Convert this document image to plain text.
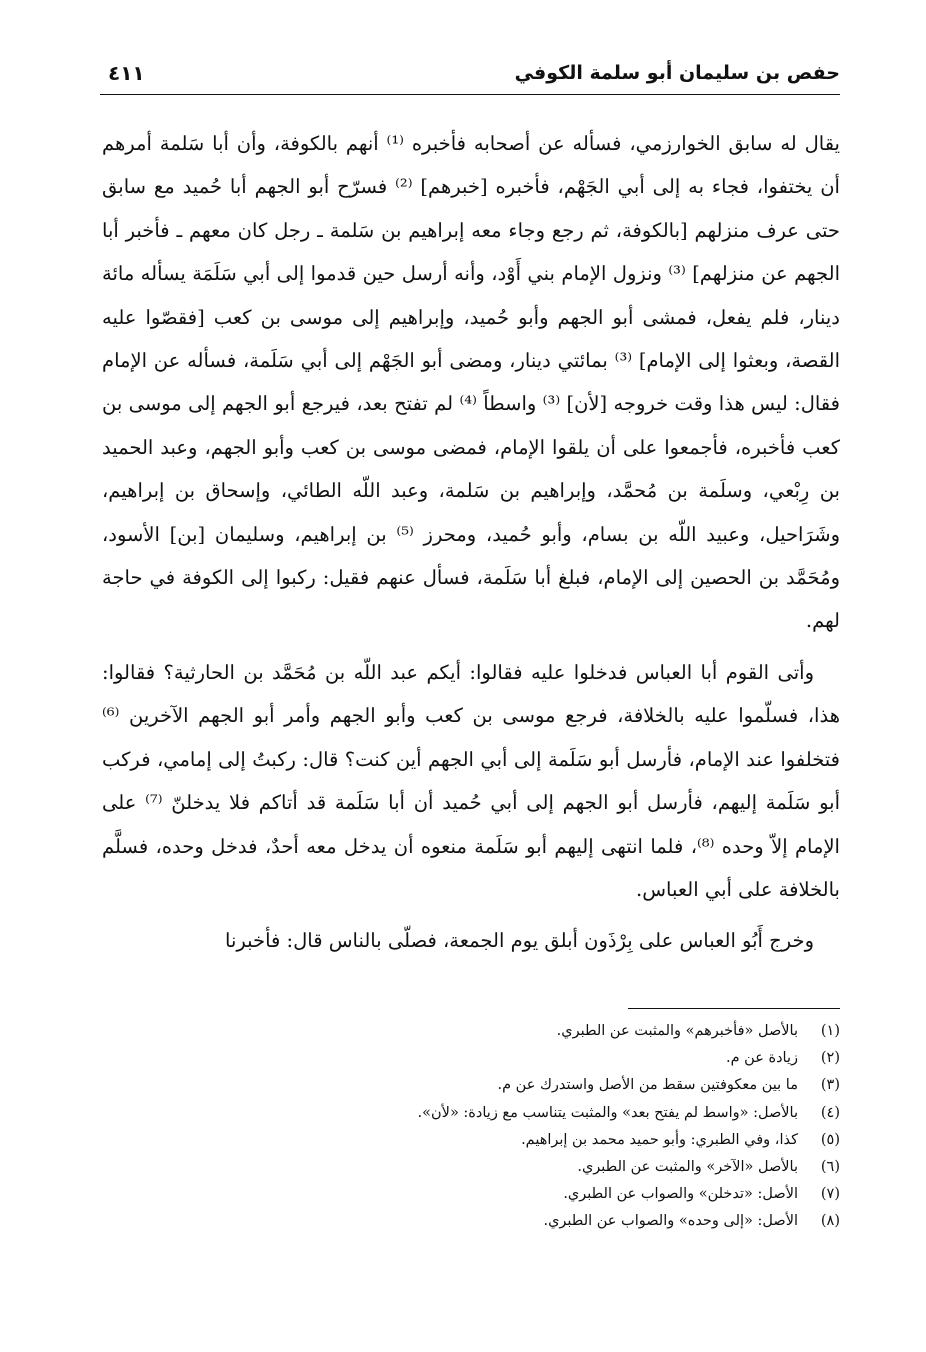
حفص بن سليمان أبو سلمة الكوفي
٤١١

يقال له سابق الخوارزمي، فسأله عن أصحابه فأخبره ⁽¹⁾ أنهم بالكوفة، وأن أبا سَلمة أمرهم أن يختفوا، فجاء به إلى أبي الجَهْم، فأخبره [خبرهم] ⁽²⁾ فسرّح أبو الجهم أبا حُميد مع سابق حتى عرف منزلهم [بالكوفة، ثم رجع وجاء معه إبراهيم بن سَلمة ـ رجل كان معهم ـ فأخبر أبا الجهم عن منزلهم] ⁽³⁾ ونزول الإمام بني أَوْد، وأنه أرسل حين قدموا إلى أبي سَلَمَة يسأله مائة دينار، فلم يفعل، فمشى أبو الجهم وأبو حُميد، وإبراهيم إلى موسى بن كعب [فقصّوا عليه القصة، وبعثوا إلى الإمام] ⁽³⁾ بمائتي دينار، ومضى أبو الجَهْم إلى أبي سَلَمة، فسأله عن الإمام فقال: ليس هذا وقت خروجه [لأن] ⁽³⁾ واسطاً ⁽⁴⁾ لم تفتح بعد، فيرجع أبو الجهم إلى موسى بن كعب فأخبره، فأجمعوا على أن يلقوا الإمام، فمضى موسى بن كعب وأبو الجهم، وعبد الحميد بن رِبْعي، وسلَمة بن مُحمَّد، وإبراهيم بن سَلمة، وعبد اللّه الطائي، وإسحاق بن إبراهيم، وشَرَاحيل، وعبيد اللّه بن بسام، وأبو حُميد، ومحرز ⁽⁵⁾ بن إبراهيم، وسليمان [بن] الأسود، ومُحَمَّد بن الحصين إلى الإمام، فبلغ أبا سَلَمة، فسأل عنهم فقيل: ركبوا إلى الكوفة في حاجة لهم.

وأتى القوم أبا العباس فدخلوا عليه فقالوا: أيكم عبد اللّه بن مُحَمَّد بن الحارثية؟ فقالوا: هذا، فسلّموا عليه بالخلافة، فرجع موسى بن كعب وأبو الجهم وأمر أبو الجهم الآخرين ⁽⁶⁾ فتخلفوا عند الإمام، فأرسل أبو سَلَمة إلى أبي الجهم أين كنت؟ قال: ركبتُ إلى إمامي، فركب أبو سَلَمة إليهم، فأرسل أبو الجهم إلى أبي حُميد أن أبا سَلَمة قد أتاكم فلا يدخلنّ ⁽⁷⁾ على الإمام إلاّ وحده ⁽⁸⁾، فلما انتهى إليهم أبو سَلَمة منعوه أن يدخل معه أحدٌ، فدخل وحده، فسلَّم بالخلافة على أبي العباس.

وخرج أَبُو العباس على بِرْذَون أبلق يوم الجمعة، فصلّى بالناس قال: فأخبرنا

(١)
بالأصل «فأخبرهم» والمثبت عن الطبري.
(٢)
زيادة عن م.
(٣)
ما بين معكوفتين سقط من الأصل واستدرك عن م.
(٤)
بالأصل: «واسط لم يفتح بعد» والمثبت يتناسب مع زيادة: «لأن».
(٥)
كذا، وفي الطبري: وأبو حميد محمد بن إبراهيم.
(٦)
بالأصل «الآخر» والمثبت عن الطبري.
(٧)
الأصل: «تدخلن» والصواب عن الطبري.
(٨)
الأصل: «إلى وحده» والصواب عن الطبري.
